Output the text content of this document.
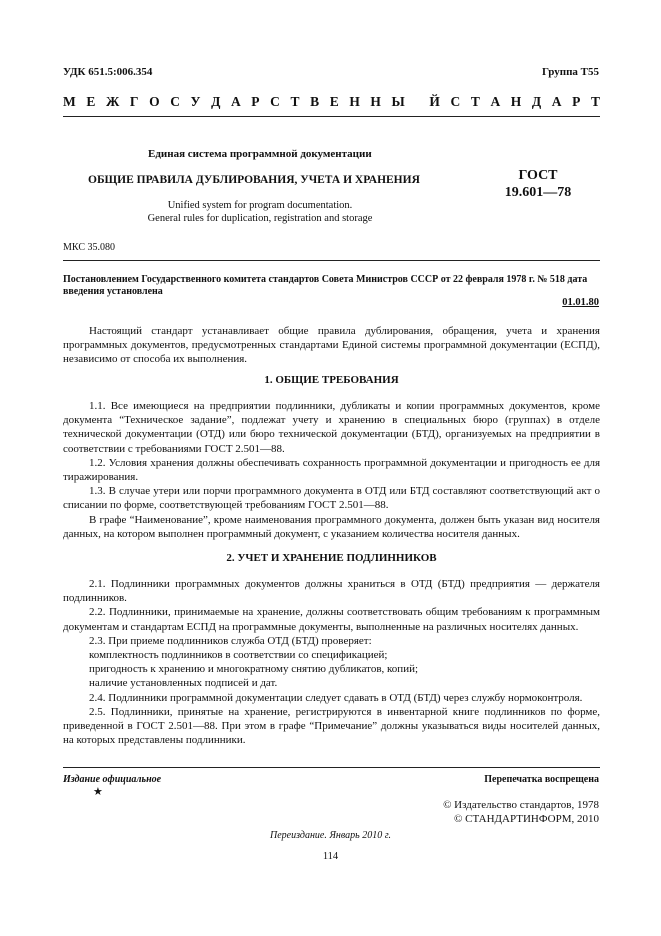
УДК 651.5:006.354	Группа Т55
М Е Ж Г О С У Д А Р С Т В Е Н Н Ы Й С Т А Н Д А Р Т
Единая система программной документации
ОБЩИЕ ПРАВИЛА ДУБЛИРОВАНИЯ, УЧЕТА И ХРАНЕНИЯ
Unified system for program documentation.
General rules for duplication, registration and storage
ГОСТ
19.601—78
МКС 35.080
Постановлением Государственного комитета стандартов Совета Министров СССР от 22 февраля 1978 г. № 518 дата введения установлена
01.01.80

Настоящий стандарт устанавливает общие правила дублирования, обращения, учета и хранения программных документов, предусмотренных стандартами Единой системы программной документации (ЕСПД), независимо от способа их выполнения.

1. ОБЩИЕ ТРЕБОВАНИЯ

1.1. Все имеющиеся на предприятии подлинники, дубликаты и копии программных документов, кроме документа “Техническое задание”, подлежат учету и хранению в специальных бюро (группах) в отделе технической документации (ОТД) или бюро технической документации (БТД), организуемых на предприятии в соответствии с требованиями ГОСТ 2.501—88.

1.2. Условия хранения должны обеспечивать сохранность программной документации и пригодность ее для тиражирования.

1.3. В случае утери или порчи программного документа в ОТД или БТД составляют соответствующий акт о списании по форме, соответствующей требованиям ГОСТ 2.501—88.

В графе “Наименование”, кроме наименования программного документа, должен быть указан вид носителя данных, на котором выполнен программный документ, с указанием количества носителя данных.

2. УЧЕТ И ХРАНЕНИЕ ПОДЛИННИКОВ

2.1. Подлинники программных документов должны храниться в ОТД (БТД) предприятия — держателя подлинников.

2.2. Подлинники, принимаемые на хранение, должны соответствовать общим требованиям к программным документам и стандартам ЕСПД на программные документы, выполненные на различных носителях данных.

2.3. При приеме подлинников служба ОТД (БТД) проверяет:

комплектность подлинников в соответствии со спецификацией;

пригодность к хранению и многократному снятию дубликатов, копий;

наличие установленных подписей и дат.

2.4. Подлинники программной документации следует сдавать в ОТД (БТД) через службу нормоконтроля.

2.5. Подлинники, принятые на хранение, регистрируются в инвентарной книге подлинников по форме, приведенной в ГОСТ 2.501—88. При этом в графе “Примечание” должны указываться виды носителей данных, на которых представлены подлинники.

Издание официальное
★
Перепечатка воспрещена
© Издательство стандартов, 1978
© СТАНДАРТИНФОРМ, 2010
Переиздание. Январь 2010 г.
114
